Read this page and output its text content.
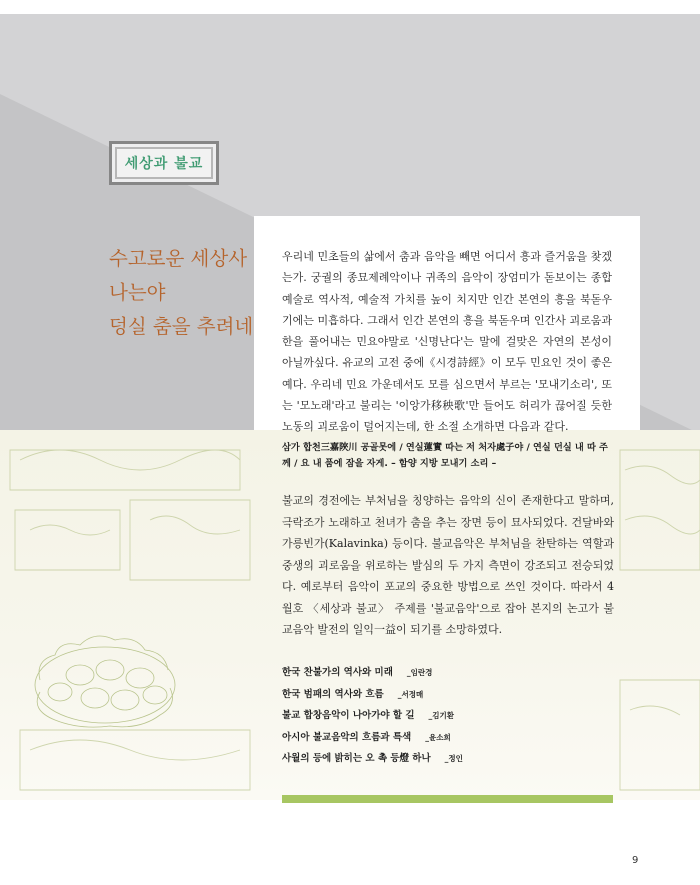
세상과 불교
수고로운 세상사
나는야
덩실 춤을 추려네
우리네 민초들의 삶에서 춤과 음악을 빼면 어디서 흥과 즐거움을 찾겠는가. 궁궐의 종묘제례악이나 귀족의 음악이 장엄미가 돋보이는 종합예술로 역사적, 예술적 가치를 높이 치지만 인간 본연의 흥을 북돋우기에는 미흡하다. 그래서 인간 본연의 흥을 북돋우며 인간사 괴로움과 한을 풀어내는 민요야말로 '신명난다'는 말에 걸맞은 자연의 본성이 아닐까싶다. 유교의 고전 중에《시경詩經》이 모두 민요인 것이 좋은 예다. 우리네 민요 가운데서도 모를 심으면서 부르는 '모내기소리', 또는 '모노래'라고 불리는 '이앙가移秧歌'만 들어도 허리가 끊어질 듯한 노동의 괴로움이 덜어지는데, 한 소절 소개하면 다음과 같다.
삼가 합천三嘉陜川 공골못에 / 연실蓮實 따는 저 처자處子야 / 연실 던실 내 따 주께 / 요 내 품에 잠을 자게. – 함양 지방 모내기 소리 –
불교의 경전에는 부처님을 칭양하는 음악의 신이 존재한다고 말하며, 극락조가 노래하고 천녀가 춤을 추는 장면 등이 묘사되었다. 건달바와 가릉빈가(Kalavinka) 등이다. 불교음악은 부처님을 찬탄하는 역할과 중생의 괴로움을 위로하는 발심의 두 가지 측면이 강조되고 전승되었다. 예로부터 음악이 포교의 중요한 방법으로 쓰인 것이다. 따라서 4월호 〈세상과 불교〉 주제를 '불교음악'으로 잡아 본지의 논고가 불교음악 발전의 일익一益이 되기를 소망하였다.
한국 찬불가의 역사와 미래 _임란경
한국 범패의 역사와 흐름 _서정매
불교 합창음악이 나아가야 할 길 _김기환
아시아 불교음악의 흐름과 특색 _윤소희
사월의 등에 밝히는 오 촉 등燈 하나 _정인
9
